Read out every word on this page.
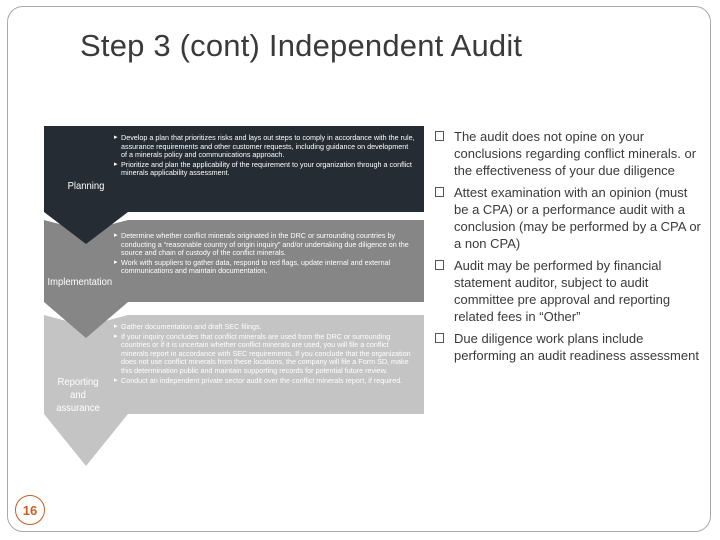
Step 3 (cont) Independent Audit
Planning
▸ Develop a plan that prioritizes risks and lays out steps to comply in accordance with the rule, assurance requirements and other customer requests, including guidance on development of a minerals policy and communications approach.
▸ Prioritize and plan the applicability of the requirement to your organization through a conflict minerals applicability assessment.
Implementation
▸ Determine whether conflict minerals originated in the DRC or surrounding countries by conducting a “reasonable country of origin inquiry” and/or undertaking due diligence on the source and chain of custody of the conflict minerals.
▸ Work with suppliers to gather data, respond to red flags, update internal and external communications and maintain documentation.
Reporting and assurance
▸ Gather documentation and draft SEC filings.
▸ If your inquiry concludes that conflict minerals are used from the DRC or surrounding countries or if it is uncertain whether conflict minerals are used, you will file a conflict minerals report in accordance with SEC requirements. If you conclude that the organization does not use conflict minerals from these locations, the company will file a Form SD, make this determination public and maintain supporting records for potential future review.
▸ Conduct an independent private sector audit over the conflict minerals report, if required.
The audit does not opine on your conclusions regarding conflict minerals. or the effectiveness of your due diligence
Attest examination with an opinion (must be a CPA) or a performance audit with a conclusion (may be performed by a CPA or a non CPA)
Audit may be performed by financial statement auditor, subject to audit committee pre approval and reporting related fees in “Other”
Due diligence work plans include performing an audit readiness assessment
16
